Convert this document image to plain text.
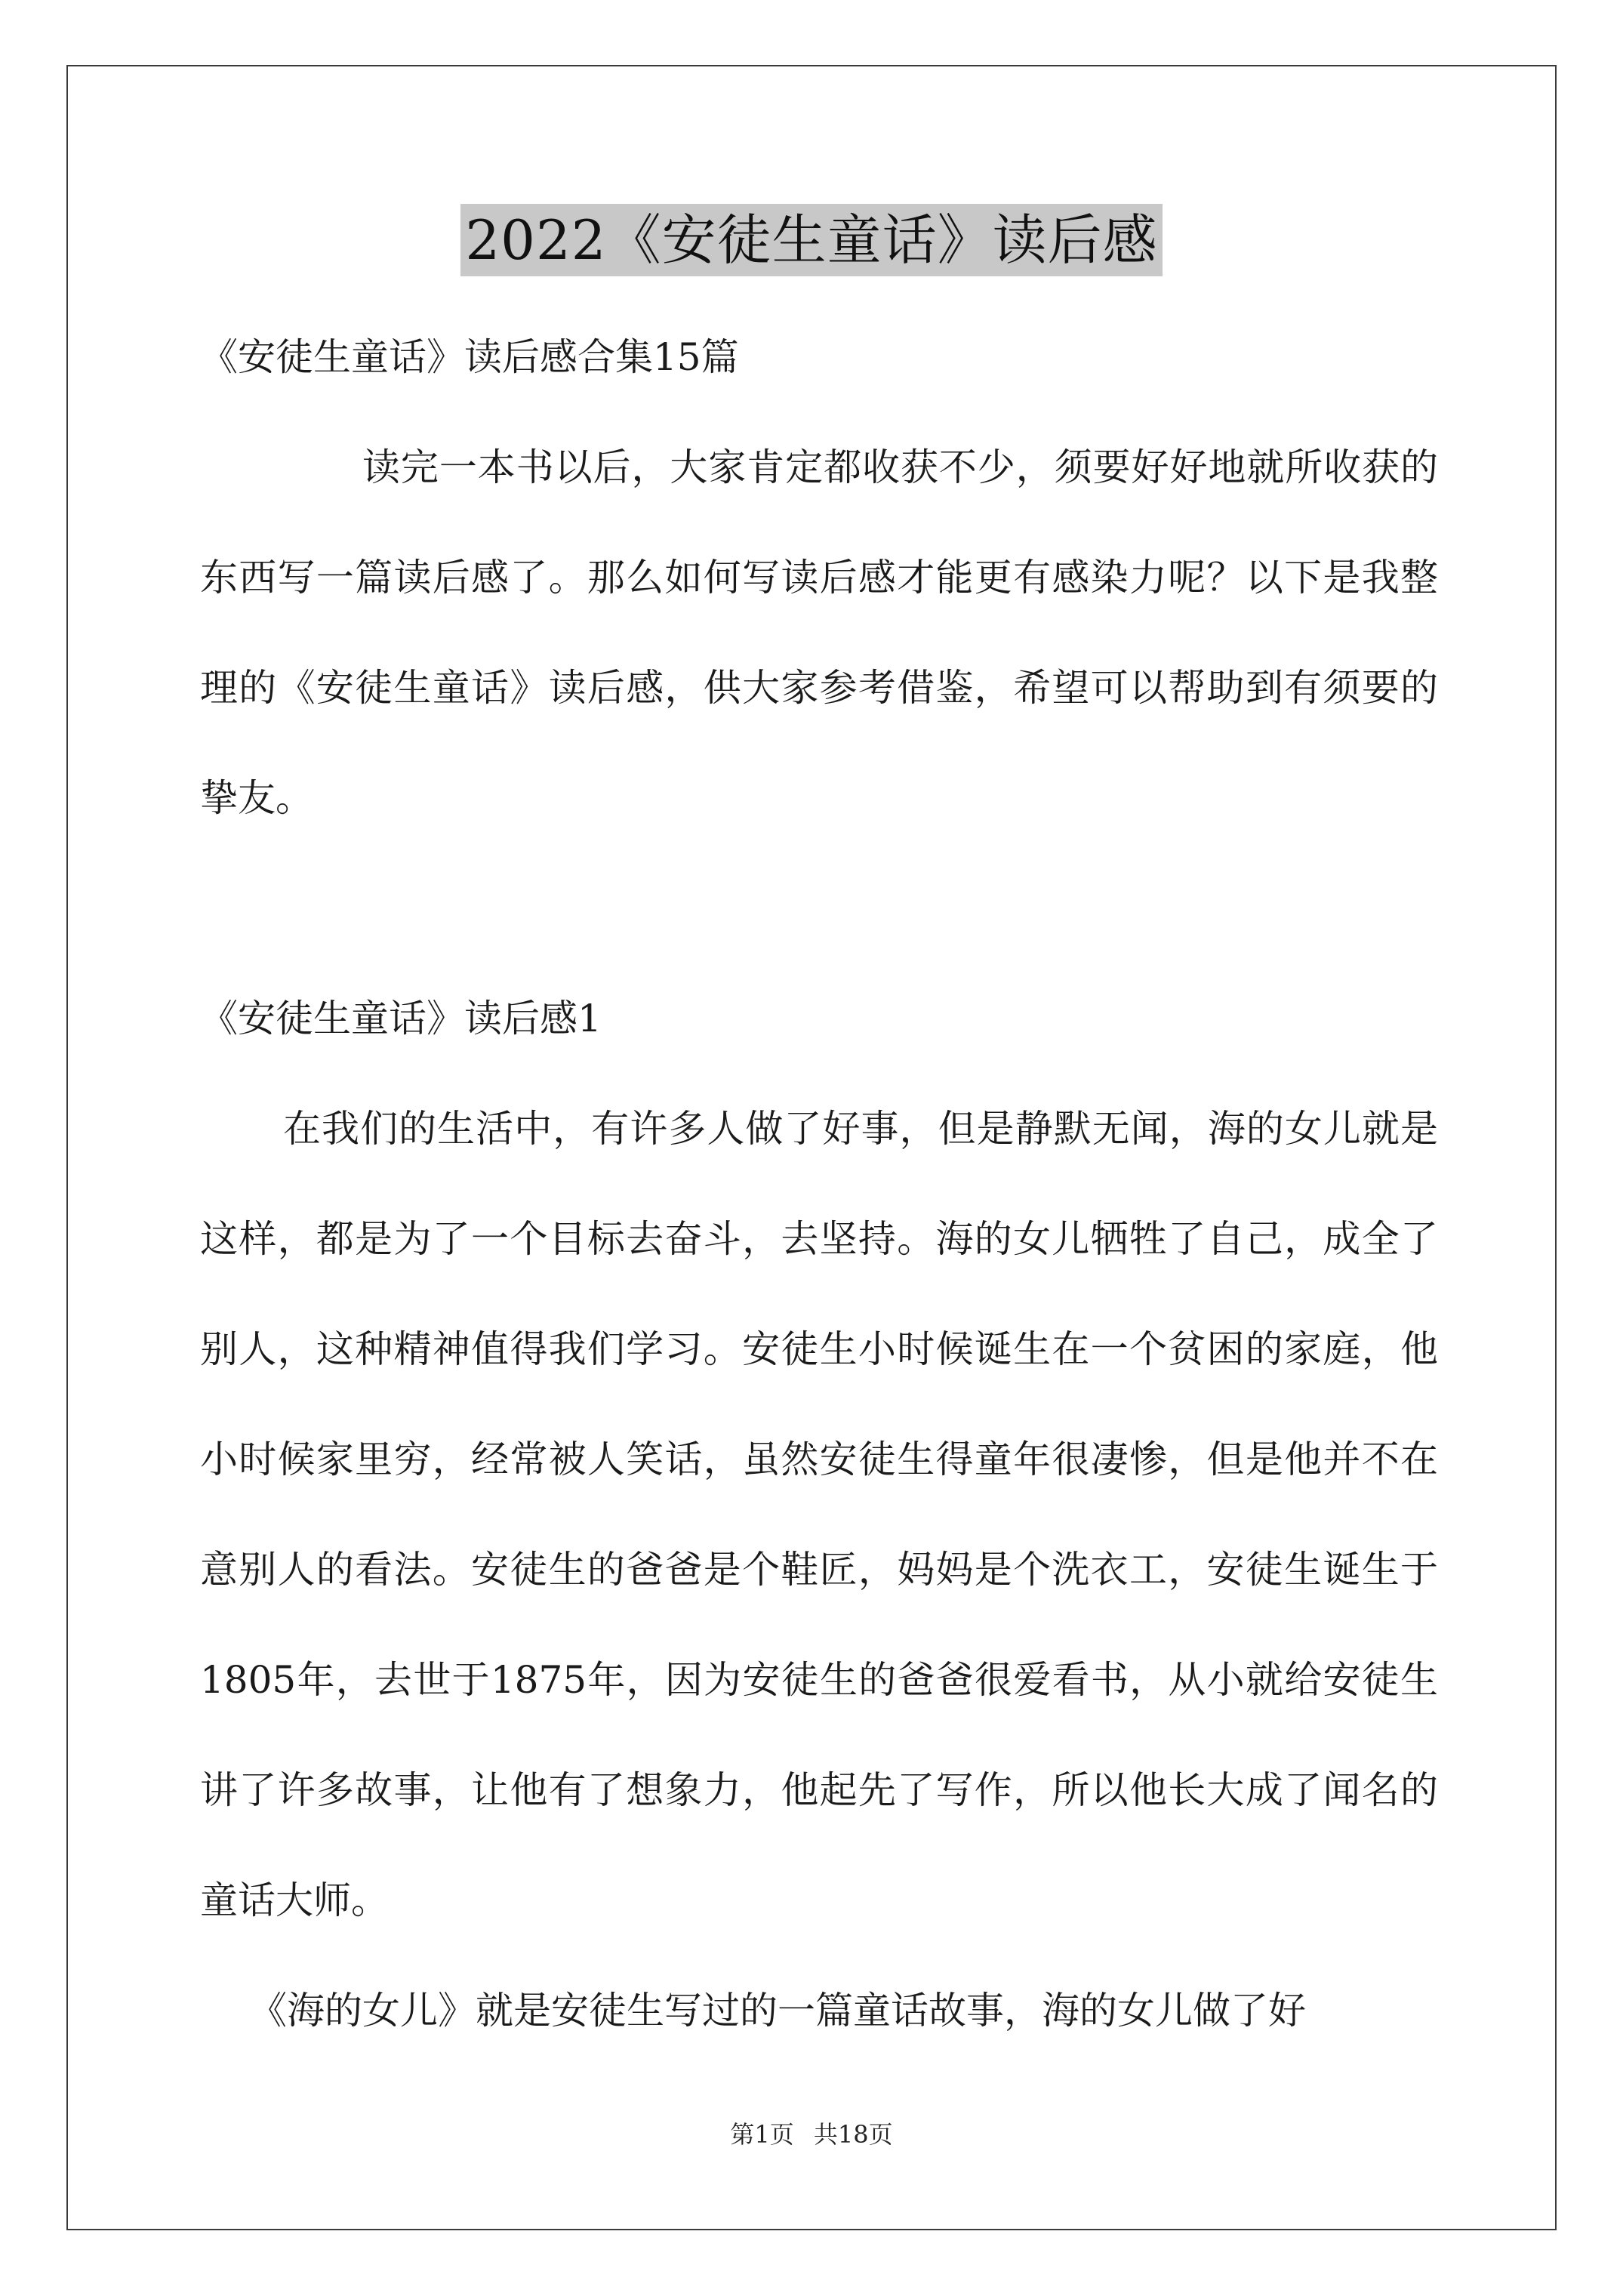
2022《安徒生童话》读后感

《安徒生童话》读后感合集15篇

读完一本书以后，大家肯定都收获不少，须要好好地就所收获的东西写一篇读后感了。那么如何写读后感才能更有感染力呢？以下是我整理的《安徒生童话》读后感，供大家参考借鉴，希望可以帮助到有须要的挚友。

《安徒生童话》读后感1

在我们的生活中，有许多人做了好事，但是静默无闻，海的女儿就是这样，都是为了一个目标去奋斗，去坚持。海的女儿牺牲了自己，成全了别人，这种精神值得我们学习。安徒生小时候诞生在一个贫困的家庭，他小时候家里穷，经常被人笑话，虽然安徒生得童年很凄惨，但是他并不在意别人的看法。安徒生的爸爸是个鞋匠，妈妈是个洗衣工，安徒生诞生于1805年，去世于1875年，因为安徒生的爸爸很爱看书，从小就给安徒生讲了许多故事，让他有了想象力，他起先了写作，所以他长大成了闻名的童话大师。

《海的女儿》就是安徒生写过的一篇童话故事，海的女儿做了好

第1页 共18页
